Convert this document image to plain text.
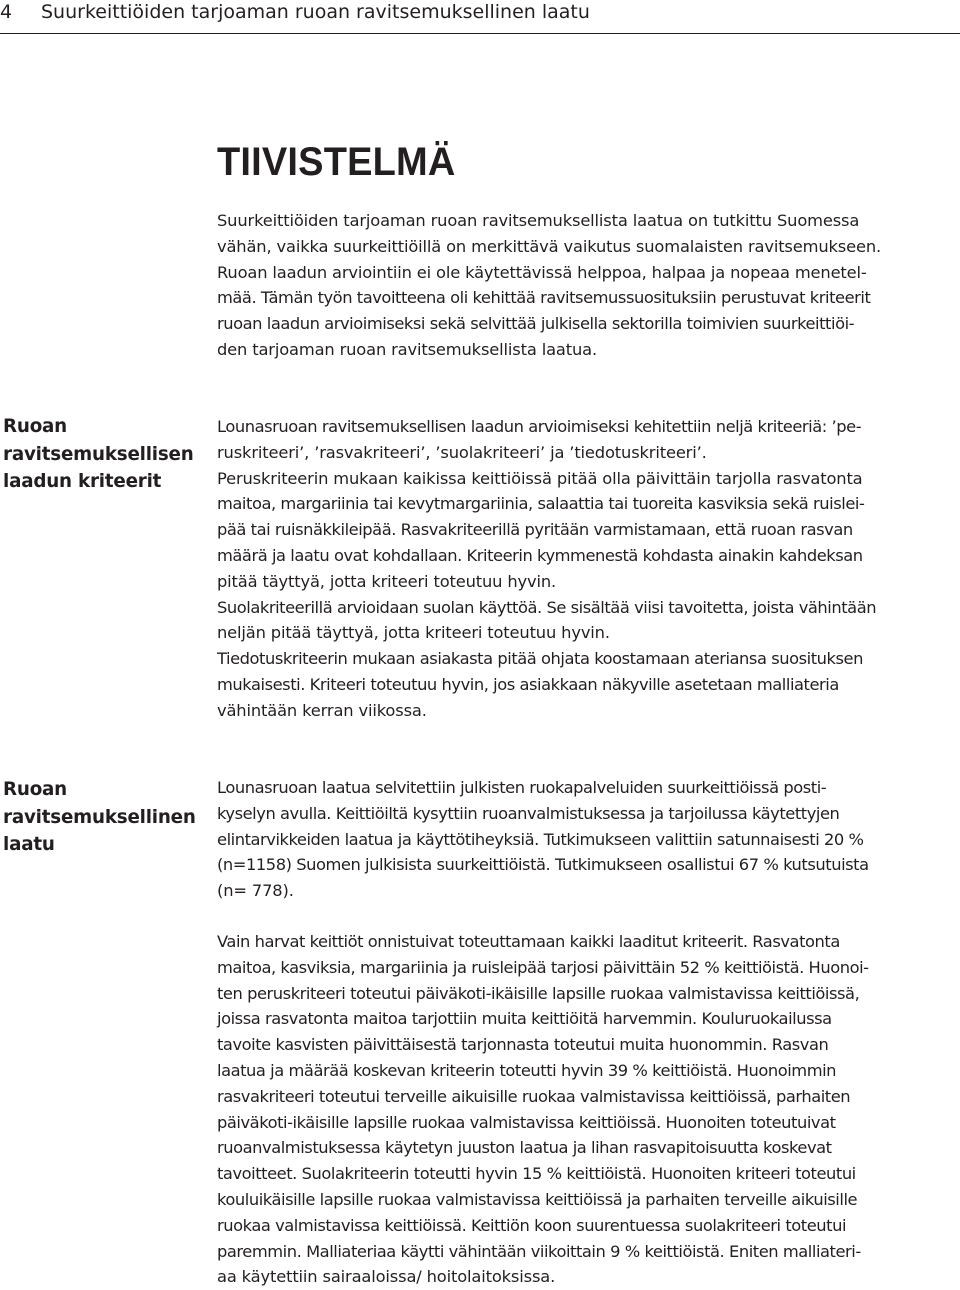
4 Suurkeittiöiden tarjoaman ruoan ravitsemuksellinen laatu
TIIVISTELMÄ
Suurkeittiöiden tarjoaman ruoan ravitsemuksellista laatua on tutkittu Suomessa
vähän, vaikka suurkeittiöillä on merkittävä vaikutus suomalaisten ravitsemukseen.
Ruoan laadun arviointiin ei ole käytettävissä helppoa, halpaa ja nopeaa menetel-
mää. Tämän työn tavoitteena oli kehittää ravitsemussuosituksiin perustuvat kriteerit
ruoan laadun arvioimiseksi sekä selvittää julkisella sektorilla toimivien suurkeittiöi-
den tarjoaman ruoan ravitsemuksellista laatua.
Ruoan
ravitsemuksellisen
laadun kriteerit
Lounasruoan ravitsemuksellisen laadun arvioimiseksi kehitettiin neljä kriteeriä: ’pe-
ruskriteeri’, ’rasvakriteeri’, ’suolakriteeri’ ja ’tiedotuskriteeri’.
Peruskriteerin mukaan kaikissa keittiöissä pitää olla päivittäin tarjolla rasvatonta
maitoa, margariinia tai kevytmargariinia, salaattia tai tuoreita kasviksia sekä ruislei-
pää tai ruisnäkkileipää. Rasvakriteerillä pyritään varmistamaan, että ruoan rasvan
määrä ja laatu ovat kohdallaan. Kriteerin kymmenestä kohdasta ainakin kahdeksan
pitää täyttyä, jotta kriteeri toteutuu hyvin.
Suolakriteerillä arvioidaan suolan käyttöä. Se sisältää viisi tavoitetta, joista vähintään
neljän pitää täyttyä, jotta kriteeri toteutuu hyvin.
Tiedotuskriteerin mukaan asiakasta pitää ohjata koostamaan ateriansa suosituksen
mukaisesti. Kriteeri toteutuu hyvin, jos asiakkaan näkyville asetetaan malliateria
vähintään kerran viikossa.
Ruoan
ravitsemuksellinen
laatu
Lounasruoan laatua selvitettiin julkisten ruokapalveluiden suurkeittiöissä posti-
kyselyn avulla. Keittiöiltä kysyttiin ruoanvalmistuksessa ja tarjoilussa käytettyjen
elintarvikkeiden laatua ja käyttötiheyksiä. Tutkimukseen valittiin satunnaisesti 20 %
(n=1158) Suomen julkisista suurkeittiöistä. Tutkimukseen osallistui 67 % kutsutuista
(n= 778).
Vain harvat keittiöt onnistuivat toteuttamaan kaikki laaditut kriteerit. Rasvatonta
maitoa, kasviksia, margariinia ja ruisleipää tarjosi päivittäin 52 % keittiöistä. Huonoi-
ten peruskriteeri toteutui päiväkoti-ikäisille lapsille ruokaa valmistavissa keittiöissä,
joissa rasvatonta maitoa tarjottiin muita keittiöitä harvemmin. Kouluruokailussa
tavoite kasvisten päivittäisestä tarjonnasta toteutui muita huonommin. Rasvan
laatua ja määrää koskevan kriteerin toteutti hyvin 39 % keittiöistä. Huonoimmin
rasvakriteeri toteutui terveille aikuisille ruokaa valmistavissa keittiöissä, parhaiten
päiväkoti-ikäisille lapsille ruokaa valmistavissa keittiöissä. Huonoiten toteutuivat
ruoanvalmistuksessa käytetyn juuston laatua ja lihan rasvapitoisuutta koskevat
tavoitteet. Suolakriteerin toteutti hyvin 15 % keittiöistä. Huonoiten kriteeri toteutui
kouluikäisille lapsille ruokaa valmistavissa keittiöissä ja parhaiten terveille aikuisille
ruokaa valmistavissa keittiöissä. Keittiön koon suurentuessa suolakriteeri toteutui
paremmin. Malliateriaa käytti vähintään viikoittain 9 % keittiöistä. Eniten malliateri-
aa käytettiin sairaaloissa/ hoitolaitoksissa.
